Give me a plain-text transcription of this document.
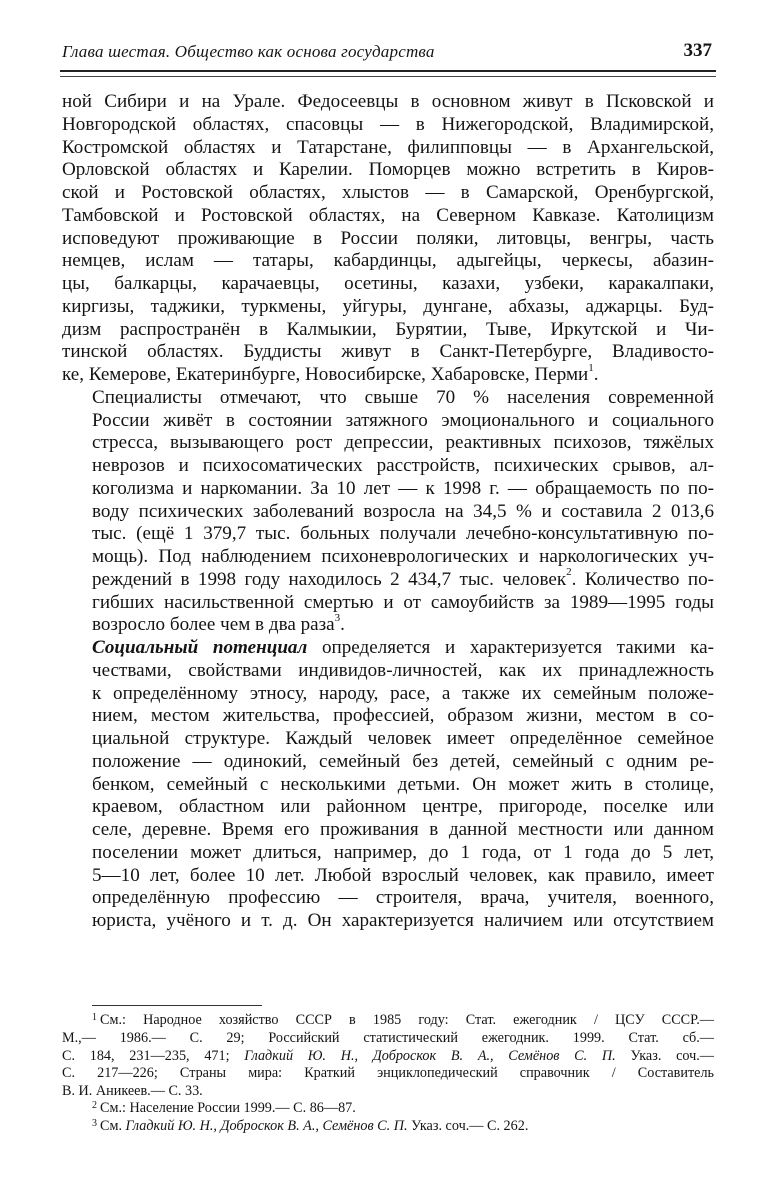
Глава шестая. Общество как основа государства	337

ной Сибири и на Урале. Федосеевцы в основном живут в Псковской и
Новгородской областях, спасовцы — в Нижегородской, Владимирской,
Костромской областях и Татарстане, филипповцы — в Архангельской,
Орловской областях и Карелии. Поморцев можно встретить в Киров-
ской и Ростовской областях, хлыстов — в Самарской, Оренбургской,
Тамбовской и Ростовской областях, на Северном Кавказе. Католицизм
исповедуют проживающие в России поляки, литовцы, венгры, часть
немцев, ислам — татары, кабардинцы, адыгейцы, черкесы, абазин-
цы, балкарцы, карачаевцы, осетины, казахи, узбеки, каракалпаки,
киргизы, таджики, туркмены, уйгуры, дунгане, абхазы, аджарцы. Буд-
дизм распространён в Калмыкии, Бурятии, Тыве, Иркутской и Чи-
тинской областях. Буддисты живут в Санкт-Петербурге, Владивосто-
ке, Кемерове, Екатеринбурге, Новосибирске, Хабаровске, Перми$^1$.

Специалисты отмечают, что свыше 70 % населения современной
России живёт в состоянии затяжного эмоционального и социального
стресса, вызывающего рост депрессии, реактивных психозов, тяжёлых
неврозов и психосоматических расстройств, психических срывов, ал-
коголизма и наркомании. За 10 лет — к 1998 г. — обращаемость по по-
воду психических заболеваний возросла на 34,5 % и составила 2 013,6
тыс. (ещё 1 379,7 тыс. больных получали лечебно-консультативную по-
мощь). Под наблюдением психоневрологических и наркологических уч-
реждений в 1998 году находилось 2 434,7 тыс. человек$^2$. Количество по-
гибших насильственной смертью и от самоубийств за 1989—1995 годы
возросло более чем в два раза$^3$.

Социальный потенциал определяется и характеризуется такими ка-
чествами, свойствами индивидов-личностей, как их принадлежность
к определённому этносу, народу, расе, а также их семейным положе-
нием, местом жительства, профессией, образом жизни, местом в со-
циальной структуре. Каждый человек имеет определённое семейное
положение — одинокий, семейный без детей, семейный с одним ре-
бенком, семейный с несколькими детьми. Он может жить в столице,
краевом, областном или районном центре, пригороде, поселке или
селе, деревне. Время его проживания в данной местности или данном
поселении может длиться, например, до 1 года, от 1 года до 5 лет,
5—10 лет, более 10 лет. Любой взрослый человек, как правило, имеет
определённую профессию — строителя, врача, учителя, военного,
юриста, учёного и т. д. Он характеризуется наличием или отсутствием

$^1$ См.: Народное хозяйство СССР в 1985 году: Стат. ежегодник / ЦСУ СССР.—
М.,— 1986.— С. 29; Российский статистический ежегодник. 1999. Стат. сб.—
С. 184, 231—235, 471; Гладкий Ю. Н., Доброскок В. А., Семёнов С. П. Указ. соч.—
С. 217—226; Страны мира: Краткий энциклопедический справочник / Составитель
В. И. Аникеев.— С. 33.
$^2$ См.: Население России 1999.— С. 86—87.
$^3$ См. Гладкий Ю. Н., Доброскок В. А., Семёнов С. П. Указ. соч.— С. 262.
